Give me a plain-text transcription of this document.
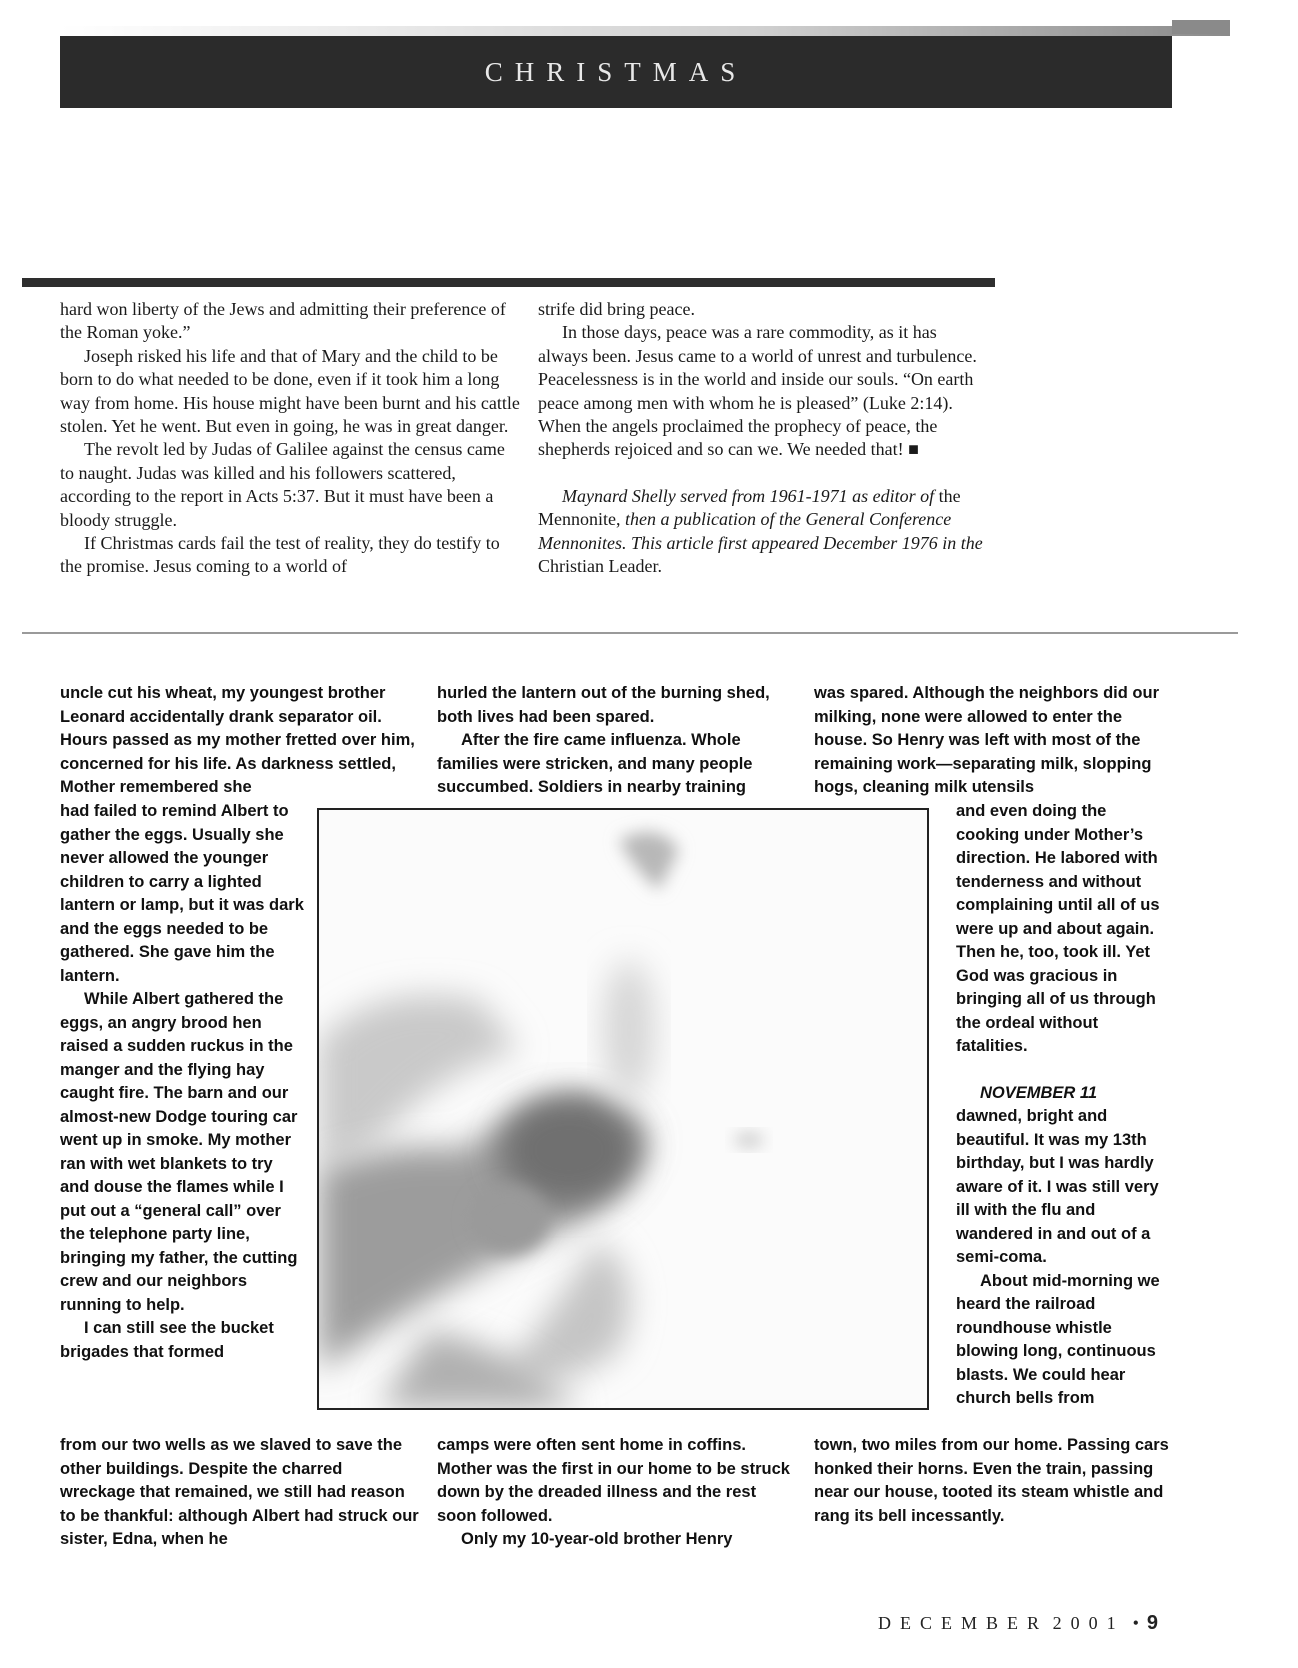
CHRISTMAS

hard won liberty of the Jews and admitting their preference of the Roman yoke.”

Joseph risked his life and that of Mary and the child to be born to do what needed to be done, even if it took him a long way from home. His house might have been burnt and his cattle stolen. Yet he went. But even in going, he was in great danger.

The revolt led by Judas of Galilee against the census came to naught. Judas was killed and his followers scattered, according to the report in Acts 5:37. But it must have been a bloody struggle.

If Christmas cards fail the test of reality, they do testify to the promise. Jesus coming to a world of

strife did bring peace.

In those days, peace was a rare commodity, as it has always been. Jesus came to a world of unrest and turbulence. Peacelessness is in the world and inside our souls. “On earth peace among men with whom he is pleased” (Luke 2:14). When the angels proclaimed the prophecy of peace, the shepherds rejoiced and so can we. We needed that! ■

Maynard Shelly served from 1961-1971 as editor of the Mennonite, then a publication of the General Conference Mennonites. This article first appeared December 1976 in the Christian Leader.

uncle cut his wheat, my youngest brother Leonard accidentally drank separator oil. Hours passed as my mother fretted over him, concerned for his life. As darkness settled, Mother remembered she

had failed to remind Albert to gather the eggs. Usually she never allowed the younger children to carry a lighted lantern or lamp, but it was dark and the eggs needed to be gathered. She gave him the lantern.

While Albert gathered the eggs, an angry brood hen raised a sudden ruckus in the manger and the flying hay caught fire. The barn and our almost-new Dodge touring car went up in smoke. My mother ran with wet blankets to try and douse the flames while I put out a “general call” over the telephone party line, bringing my father, the cutting crew and our neighbors running to help.

I can still see the bucket brigades that formed

from our two wells as we slaved to save the other buildings. Despite the charred wreckage that remained, we still had reason to be thankful: although Albert had struck our sister, Edna, when he

hurled the lantern out of the burning shed, both lives had been spared.

After the fire came influenza. Whole families were stricken, and many people succumbed. Soldiers in nearby training

camps were often sent home in coffins. Mother was the first in our home to be struck down by the dreaded illness and the rest soon followed.

Only my 10-year-old brother Henry

was spared. Although the neighbors did our milking, none were allowed to enter the house. So Henry was left with most of the remaining work—separating milk, slopping hogs, cleaning milk utensils

and even doing the cooking under Mother’s direction. He labored with tenderness and without complaining until all of us were up and about again. Then he, too, took ill. Yet God was gracious in bringing all of us through the ordeal without fatalities.

NOVEMBER 11

dawned, bright and beautiful. It was my 13th birthday, but I was hardly aware of it. I was still very ill with the flu and wandered in and out of a semi-coma.

About mid-morning we heard the railroad roundhouse whistle blowing long, continuous blasts. We could hear church bells from

town, two miles from our home. Passing cars honked their horns. Even the train, passing near our house, tooted its steam whistle and rang its bell incessantly.

DECEMBER 2001 • 9
